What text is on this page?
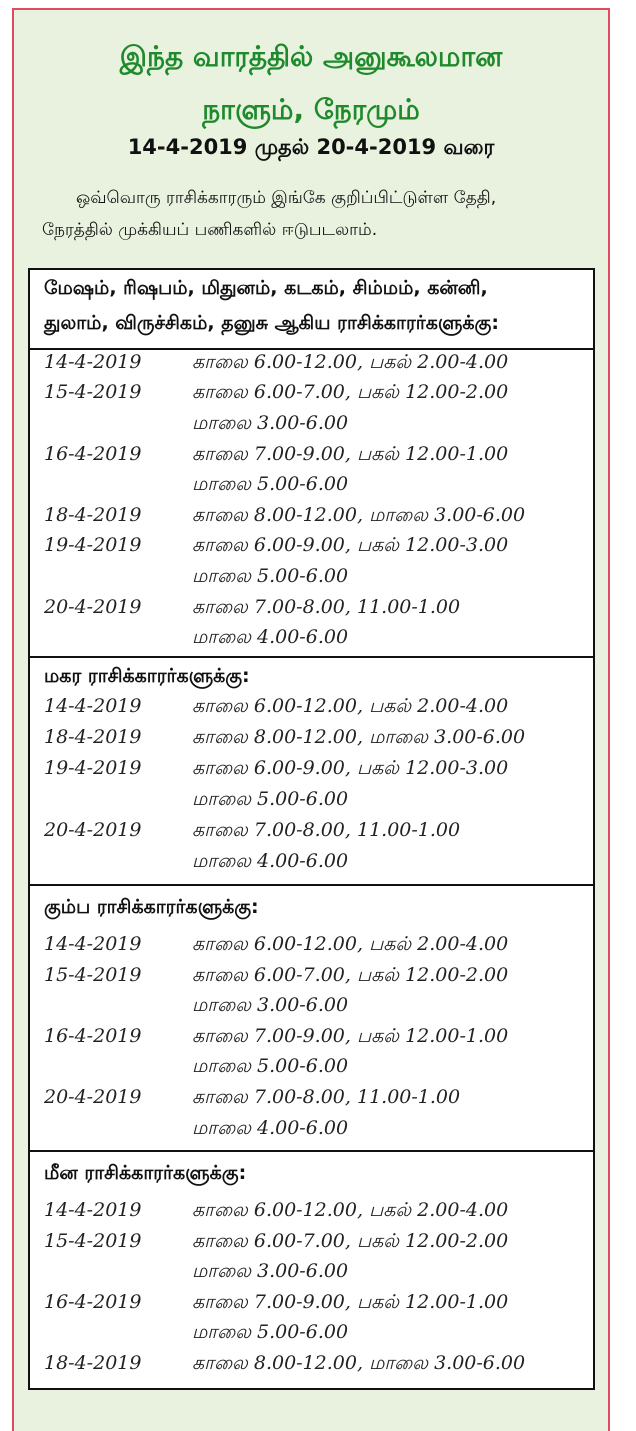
இந்த வாரத்தில் அனுகூலமான
நாளும், நேரமும்
14-4-2019 முதல் 20-4-2019 வரை
ஒவ்வொரு ராசிக்காரரும் இங்கே குறிப்பிட்டுள்ள தேதி,
நேரத்தில் முக்கியப் பணிகளில் ஈடுபடலாம்.
மேஷம், ரிஷபம், மிதுனம், கடகம், சிம்மம், கன்னி,
துலாம், விருச்சிகம், தனுசு ஆகிய ராசிக்காரர்களுக்கு:
14-4-2019	காலை 6.00-12.00, பகல் 2.00-4.00
15-4-2019	காலை 6.00-7.00, பகல் 12.00-2.00
மாலை 3.00-6.00
16-4-2019	காலை 7.00-9.00, பகல் 12.00-1.00
மாலை 5.00-6.00
18-4-2019	காலை 8.00-12.00, மாலை 3.00-6.00
19-4-2019	காலை 6.00-9.00, பகல் 12.00-3.00
மாலை 5.00-6.00
20-4-2019	காலை 7.00-8.00, 11.00-1.00
மாலை 4.00-6.00
மகர ராசிக்காரர்களுக்கு:
14-4-2019	காலை 6.00-12.00, பகல் 2.00-4.00
18-4-2019	காலை 8.00-12.00, மாலை 3.00-6.00
19-4-2019	காலை 6.00-9.00, பகல் 12.00-3.00
மாலை 5.00-6.00
20-4-2019	காலை 7.00-8.00, 11.00-1.00
மாலை 4.00-6.00
கும்ப ராசிக்காரர்களுக்கு:
14-4-2019	காலை 6.00-12.00, பகல் 2.00-4.00
15-4-2019	காலை 6.00-7.00, பகல் 12.00-2.00
மாலை 3.00-6.00
16-4-2019	காலை 7.00-9.00, பகல் 12.00-1.00
மாலை 5.00-6.00
20-4-2019	காலை 7.00-8.00, 11.00-1.00
மாலை 4.00-6.00
மீன ராசிக்காரர்களுக்கு:
14-4-2019	காலை 6.00-12.00, பகல் 2.00-4.00
15-4-2019	காலை 6.00-7.00, பகல் 12.00-2.00
மாலை 3.00-6.00
16-4-2019	காலை 7.00-9.00, பகல் 12.00-1.00
மாலை 5.00-6.00
18-4-2019	காலை 8.00-12.00, மாலை 3.00-6.00
